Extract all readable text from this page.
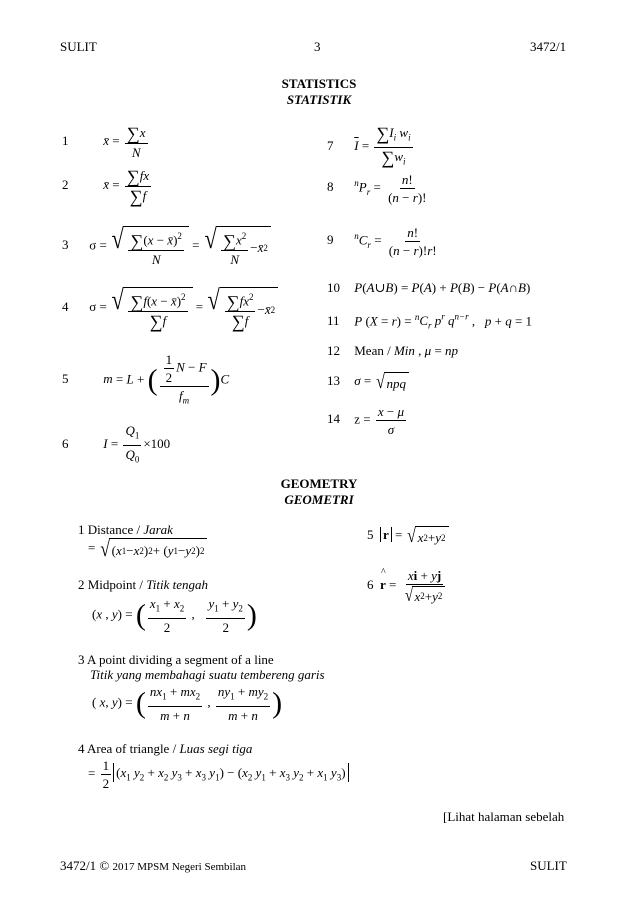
SULIT	3	3472/1
STATISTICS
STATISTIK
1	x̄ = $\frac{\sum x}{N}$
2	x̄ = $\frac{\sum fx}{\sum f}$
3 σ = √ $\frac{\sum(x - x̄)^2}{N}$ = √ $\frac{\sum x^2}{N}$ − x̄ 2
4 σ = √ $\frac{\sum f(x - x̄)^2}{\sum f}$ = √ $\frac{\sum fx^2}{\sum f}$ − x̄ 2
5	m = L + ( $\frac{\frac{1}{2} N - F}{f_m} )C$
6	$I = \frac{Q_1}{Q_0} \times 100$
7 $\overline{I} = \frac{\sum I_i w_i}{\sum w_i}$
8 $^nP_r = \frac{n!}{(n - r)!}$
9 $^nC_r = \frac{n!}{(n - r)!r!}$
10 P(A∪B) = P(A) + P(B) − P(A∩B)
11 P $(X = r) = ^nC_r$ $p^r$ $q^{n-r}$ ,   p + q = 1
12 Mean / Min , μ = np
13 σ = √ npq
14 $z = \frac{x - \mu}{\sigma}$
GEOMETRY
GEOMETRI
1 Distance / Jarak
= √ ( x 1 − x 2 ) 2 + ( y 1 − y 2 ) 2
2 Midpoint / Titik tengah
(x , y) = ( $\frac{x_1 + x_2}{2}$ , $\frac{y_1 + y_2}{2}$ )
3 A point dividing a segment of a line
Titik yang membahagi suatu tembereng garis
( x, y) = ( $\frac{nx_1 + mx_2}{m + n}$ , $\frac{ny_1 + my_2}{m + n}$ )
4 Area of triangle / Luas segi tiga
= $\frac{1}{2} (x_1$ $y_2 + x_2$ $y_3 + x_3$ $y_1) - (x_2$ $y_1 + x_3$ $y_2 + x_1$ $y_3$)
5 r = √ x 2 + y 2
6 r
^
= $\frac{xi + yj}{√ x 2 + y 2}$
[Lihat halaman sebelah
3472/1 © 2017 MPSM Negeri Sembilan	SULIT
